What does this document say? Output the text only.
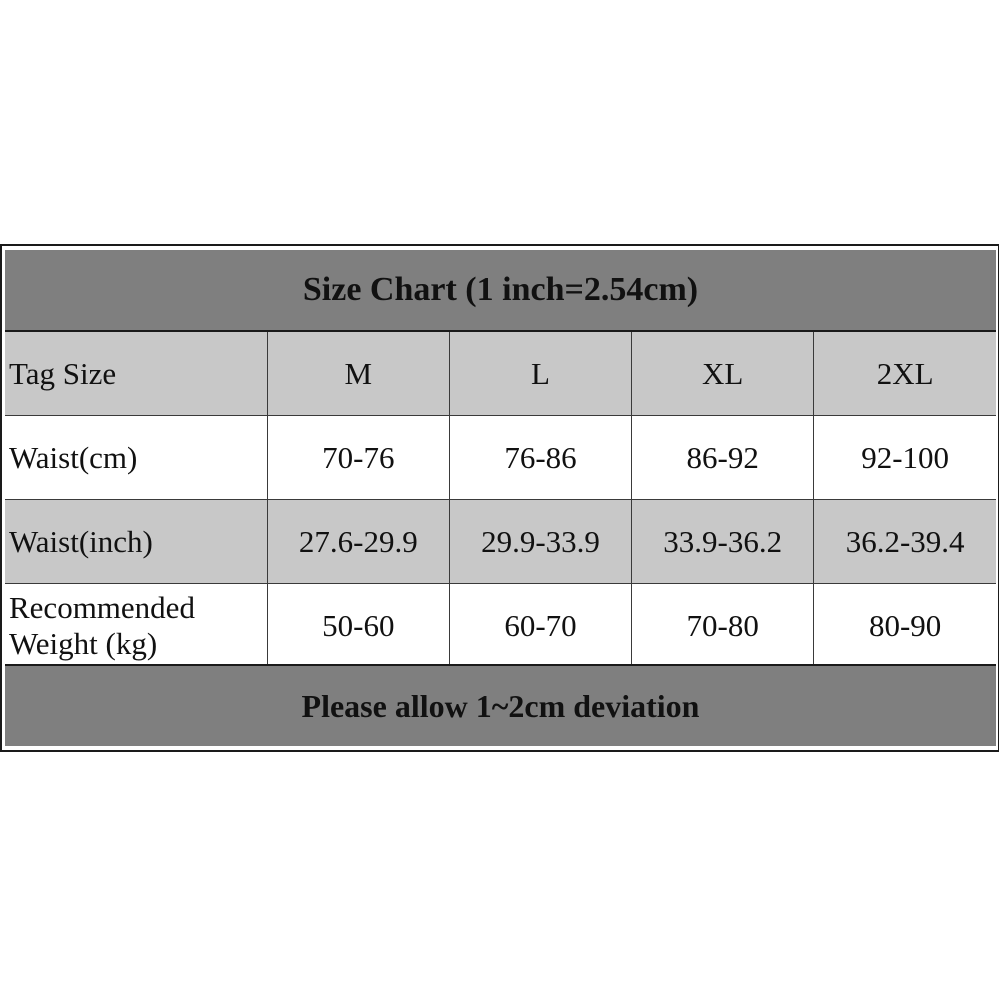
Size Chart (1 inch=2.54cm)
Tag Size	M	L	XL	2XL
Waist(cm)	70-76	76-86	86-92	92-100
Waist(inch)	27.6-29.9	29.9-33.9	33.9-36.2	36.2-39.4

Recommended
Weight (kg)	50-60	60-70	70-80	80-90
Please allow 1~2cm deviation
